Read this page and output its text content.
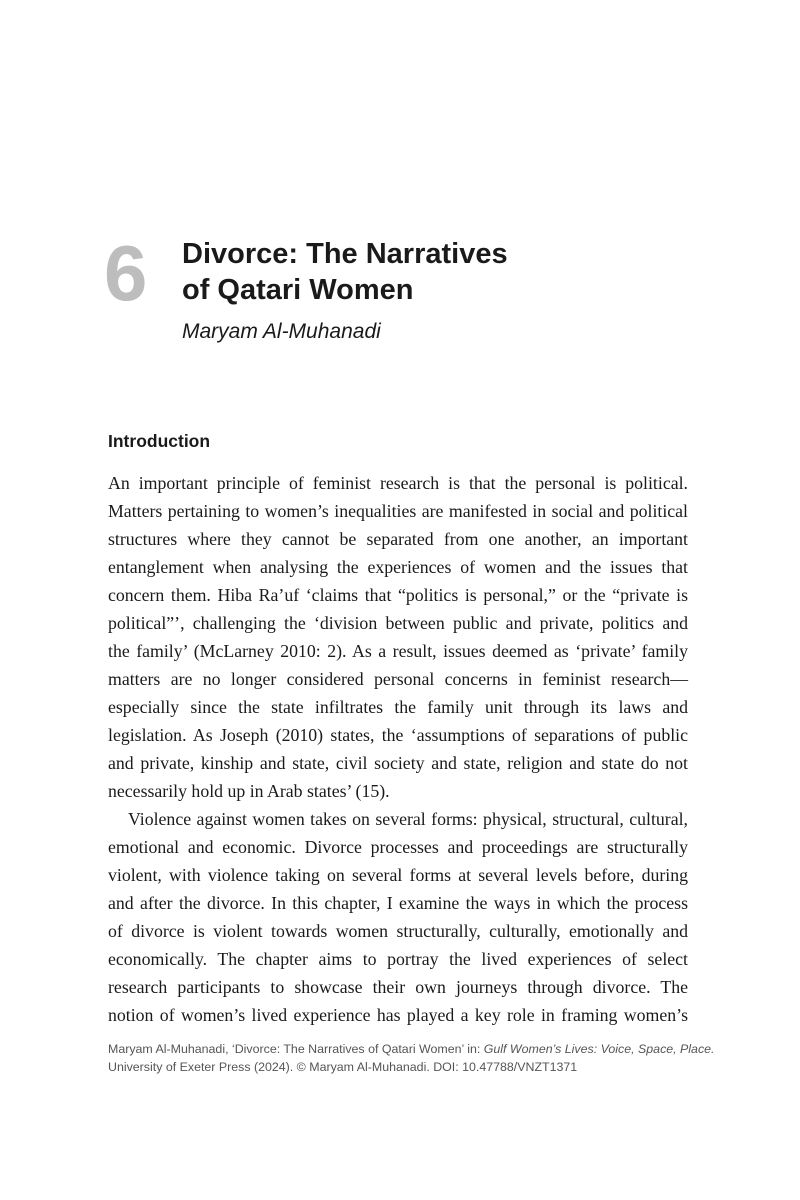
6 Divorce: The Narratives
of Qatari Women
Maryam Al-Muhanadi
Introduction

An important principle of feminist research is that the personal is political.
Matters pertaining to women’s inequalities are manifested in social and political
structures where they cannot be separated from one another, an important
entanglement when analysing the experiences of women and the issues that
concern them. Hiba Ra’uf ‘claims that “politics is personal,” or the “private is
political”’, challenging the ‘division between public and private, politics and
the family’ (McLarney 2010: 2). As a result, issues deemed as ‘private’ family
matters are no longer considered personal concerns in feminist research—
especially since the state infiltrates the family unit through its laws and
legislation. As Joseph (2010) states, the ‘assumptions of separations of public
and private, kinship and state, civil society and state, religion and state do not
necessarily hold up in Arab states’ (15).

Violence against women takes on several forms: physical, structural, cultural,
emotional and economic. Divorce processes and proceedings are structurally
violent, with violence taking on several forms at several levels before, during
and after the divorce. In this chapter, I examine the ways in which the process
of divorce is violent towards women structurally, culturally, emotionally and
economically. The chapter aims to portray the lived experiences of select
research participants to showcase their own journeys through divorce. The
notion of women’s lived experience has played a key role in framing women’s

Maryam Al-Muhanadi, ‘Divorce: The Narratives of Qatari Women’ in: Gulf Women’s Lives: Voice, Space, Place.
University of Exeter Press (2024). © Maryam Al-Muhanadi. DOI: 10.47788/VNZT1371
